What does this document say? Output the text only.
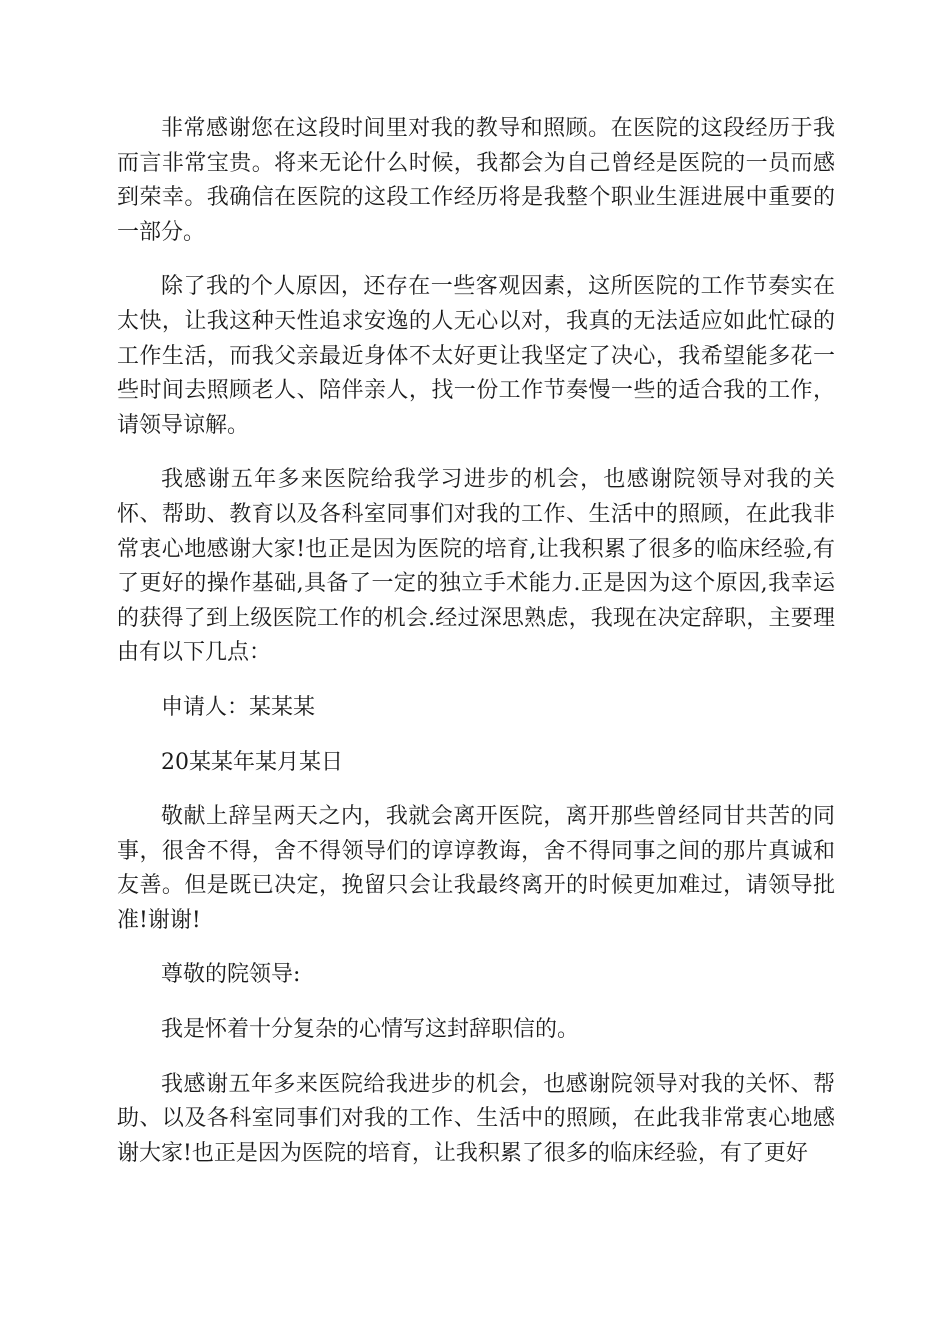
非常感谢您在这段时间里对我的教导和照顾。在医院的这段经历于我而言非常宝贵。将来无论什么时候，我都会为自己曾经是医院的一员而感到荣幸。我确信在医院的这段工作经历将是我整个职业生涯进展中重要的一部分。

除了我的个人原因，还存在一些客观因素，这所医院的工作节奏实在太快，让我这种天性追求安逸的人无心以对，我真的无法适应如此忙碌的工作生活，而我父亲最近身体不太好更让我坚定了决心，我希望能多花一些时间去照顾老人、陪伴亲人，找一份工作节奏慢一些的适合我的工作，请领导谅解。

我感谢五年多来医院给我学习进步的机会，也感谢院领导对我的关怀、帮助、教育以及各科室同事们对我的工作、生活中的照顾，在此我非常衷心地感谢大家!也正是因为医院的培育,让我积累了很多的临床经验,有了更好的操作基础,具备了一定的独立手术能力.正是因为这个原因,我幸运的获得了到上级医院工作的机会.经过深思熟虑，我现在决定辞职，主要理由有以下几点：

申请人：某某某

20某某年某月某日

敬献上辞呈两天之内，我就会离开医院，离开那些曾经同甘共苦的同事，很舍不得，舍不得领导们的谆谆教诲，舍不得同事之间的那片真诚和友善。但是既已决定，挽留只会让我最终离开的时候更加难过，请领导批准!谢谢!

尊敬的院领导:

我是怀着十分复杂的心情写这封辞职信的。

我感谢五年多来医院给我进步的机会，也感谢院领导对我的关怀、帮助、以及各科室同事们对我的工作、生活中的照顾，在此我非常衷心地感谢大家!也正是因为医院的培育，让我积累了很多的临床经验，有了更好
